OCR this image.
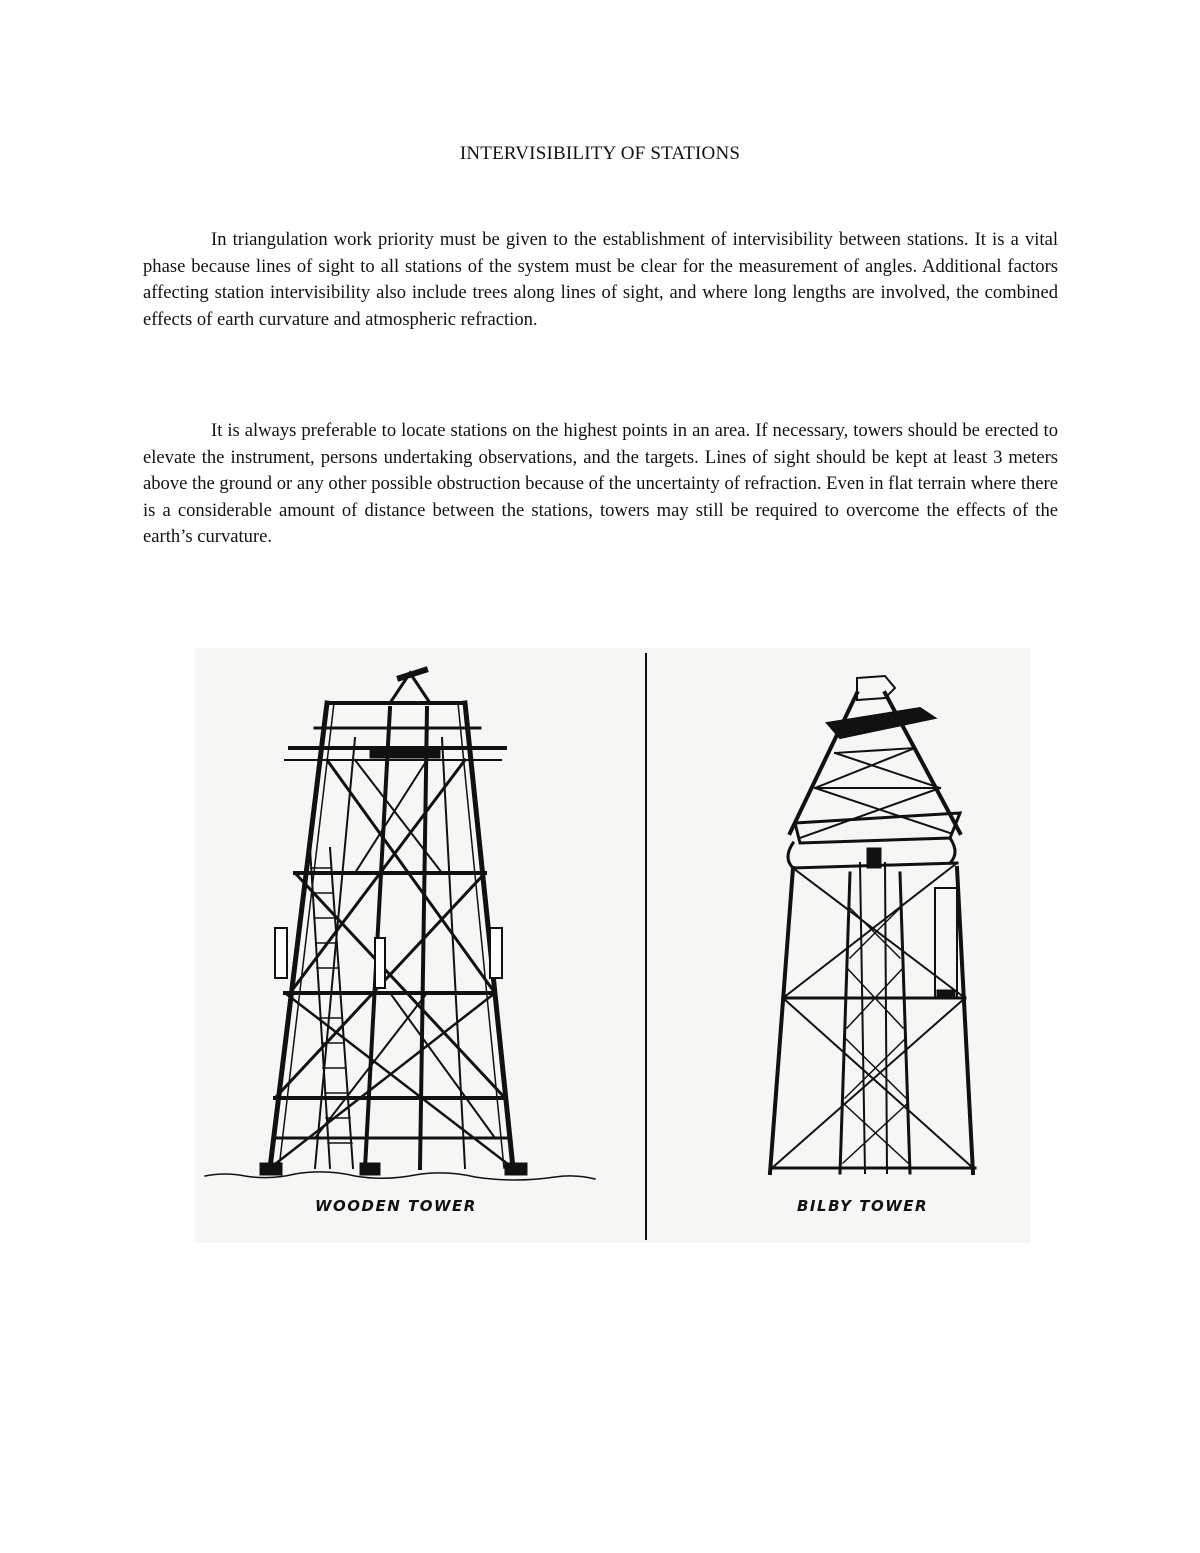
INTERVISIBILITY OF STATIONS

In triangulation work priority must be given to the establishment of intervisibility between stations. It is a vital phase because lines of sight to all stations of the system must be clear for the measurement of angles. Additional factors affecting station intervisibility also include trees along lines of sight, and where long lengths are involved, the combined effects of earth curvature and atmospheric refraction.

It is always preferable to locate stations on the highest points in an area. If necessary, towers should be erected to elevate the instrument, persons undertaking observations, and the targets. Lines of sight should be kept at least 3 meters above the ground or any other possible obstruction because of the uncertainty of refraction. Even in flat terrain where there is a considerable amount of distance between the stations, towers may still be required to overcome the effects of the earth’s curvature.

WOODEN TOWER	BILBY TOWER
